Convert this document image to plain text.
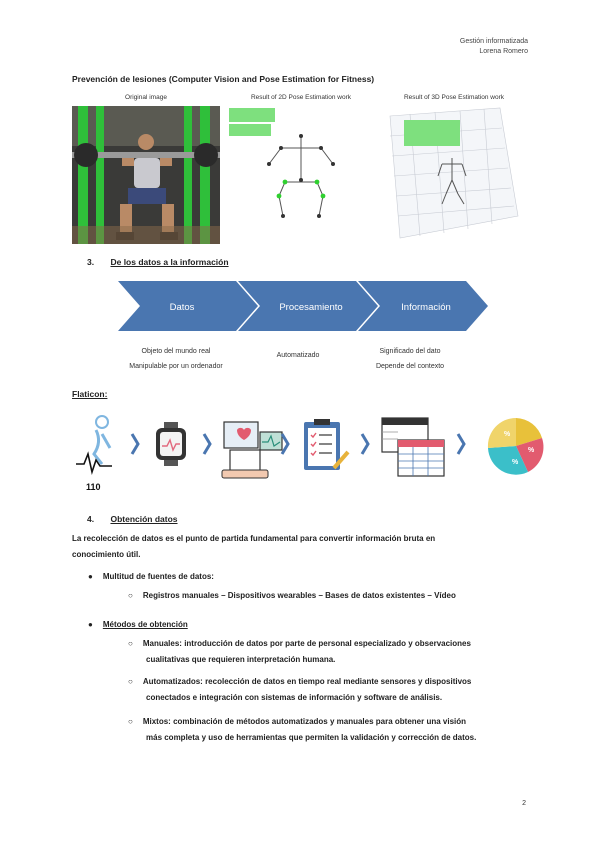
Gestión informatizada
Lorena Romero
Prevención de lesiones (Computer Vision and Pose Estimation for Fitness)
Original image	Result of 2D Pose Estimation work	Result of 3D Pose Estimation work
3. De los datos a la información
Datos	Procesamiento	Información
Objeto del mundo real
Manipulable por un ordenador
Automatizado
Significado del dato
Depende del contexto
Flaticon:
110
%
%
%
4. Obtención datos
La recolección de datos es el punto de partida fundamental para convertir información bruta en
conocimiento útil.
● Multitud de fuentes de datos:
○ Registros manuales – Dispositivos wearables – Bases de datos existentes – Vídeo
● Métodos de obtención
○ Manuales: introducción de datos por parte de personal especializado y observaciones
cualitativas que requieren interpretación humana.
○ Automatizados: recolección de datos en tiempo real mediante sensores y dispositivos
conectados e integración con sistemas de información y software de análisis.
○ Mixtos: combinación de métodos automatizados y manuales para obtener una visión
más completa y uso de herramientas que permiten la validación y corrección de datos.
2
